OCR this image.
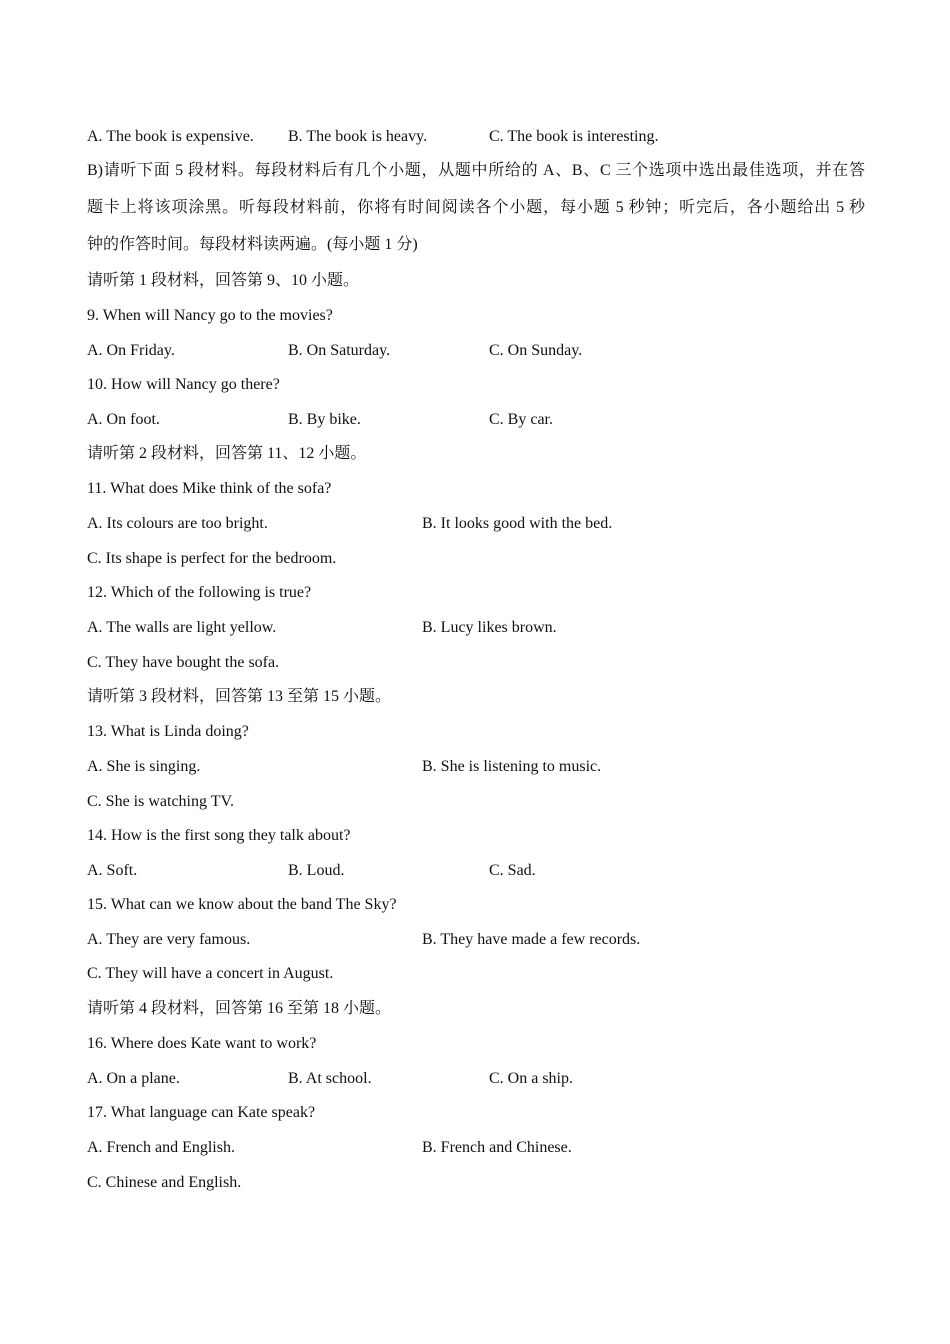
A. The book is expensive. B. The book is heavy.	C. The book is interesting.
B)请听下面 5 段材料。每段材料后有几个小题，从题中所给的 A、B、C 三个选项中选出最佳选项，并在答
题卡上将该项涂黑。听每段材料前，你将有时间阅读各个小题，每小题 5 秒钟；听完后，各小题给出 5 秒
钟的作答时间。每段材料读两遍。(每小题 1 分)
请听第 1 段材料，回答第 9、10 小题。
9. When will Nancy go to the movies?
A. On Friday.	B. On Saturday.	C. On Sunday.
10. How will Nancy go there?
A. On foot.	B. By bike.	C. By car.
请听第 2 段材料，回答第 11、12 小题。
11. What does Mike think of the sofa?
A. Its colours are too bright.	B. It looks good with the bed.
C. Its shape is perfect for the bedroom.
12. Which of the following is true?
A. The walls are light yellow.	B. Lucy likes brown.
C. They have bought the sofa.
请听第 3 段材料，回答第 13 至第 15 小题。
13. What is Linda doing?
A. She is singing.	B. She is listening to music.
C. She is watching TV.
14. How is the first song they talk about?
A. Soft.	B. Loud.	C. Sad.
15. What can we know about the band The Sky?
A. They are very famous.	B. They have made a few records.
C. They will have a concert in August.
请听第 4 段材料，回答第 16 至第 18 小题。
16. Where does Kate want to work?
A. On a plane.	B. At school.	C. On a ship.
17. What language can Kate speak?
A. French and English.	B. French and Chinese.
C. Chinese and English.
